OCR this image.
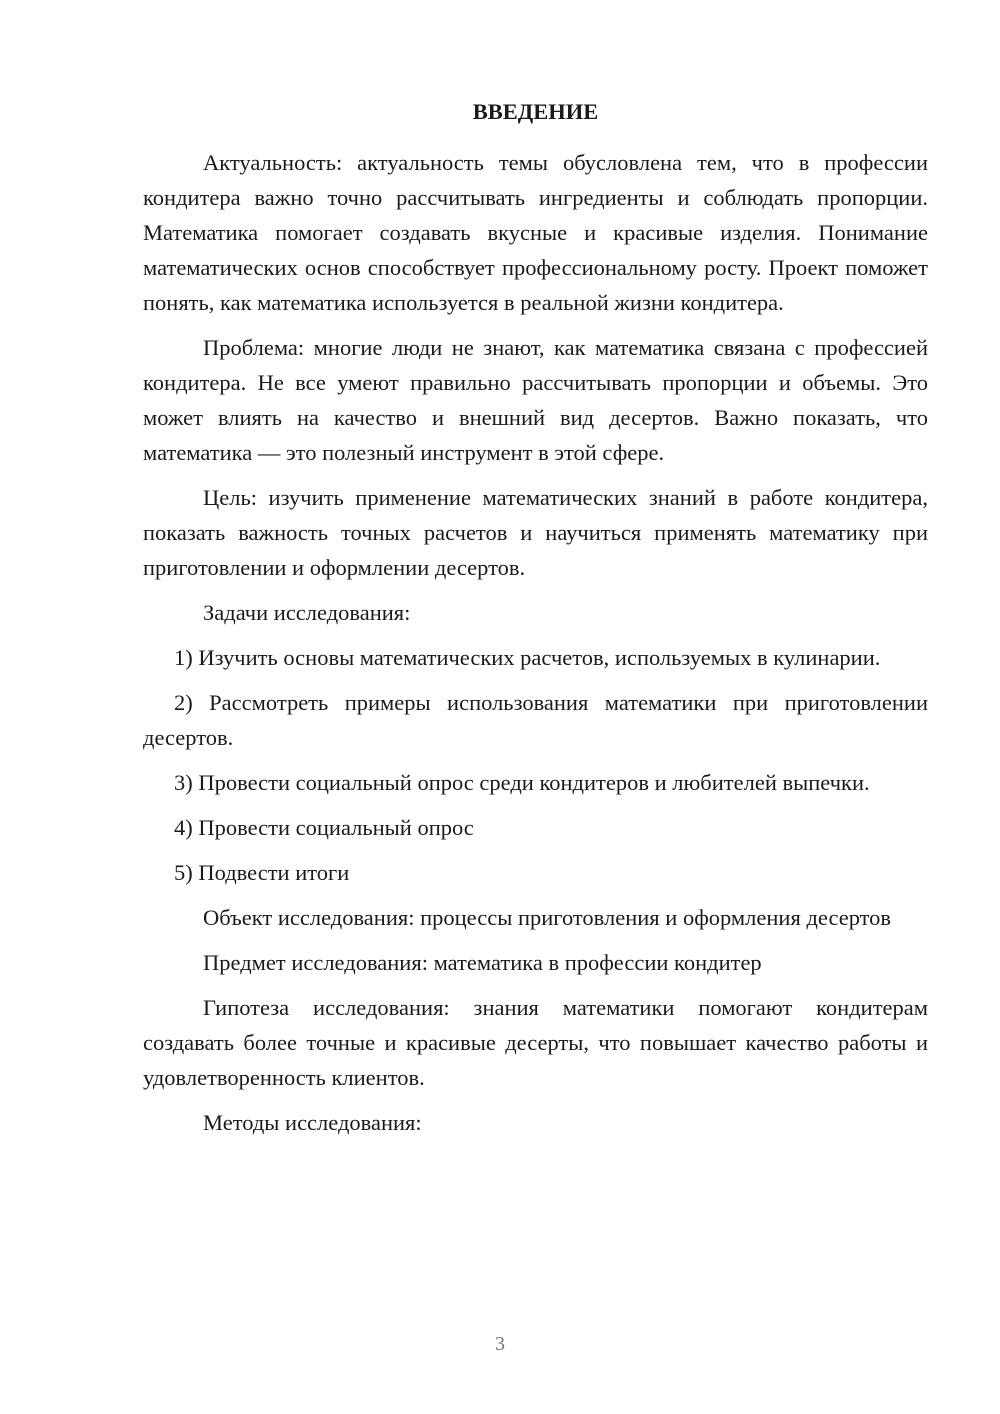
ВВЕДЕНИЕ

Актуальность: актуальность темы обусловлена тем, что в профессии кондитера важно точно рассчитывать ингредиенты и соблюдать пропорции. Математика помогает создавать вкусные и красивые изделия. Понимание математических основ способствует профессиональному росту. Проект поможет понять, как математика используется в реальной жизни кондитера.

Проблема: многие люди не знают, как математика связана с профессией кондитера. Не все умеют правильно рассчитывать пропорции и объемы. Это может влиять на качество и внешний вид десертов. Важно показать, что математика — это полезный инструмент в этой сфере.

Цель: изучить применение математических знаний в работе кондитера, показать важность точных расчетов и научиться применять математику при приготовлении и оформлении десертов.

Задачи исследования:

1) Изучить основы математических расчетов, используемых в кулинарии.

2) Рассмотреть примеры использования математики при приготовлении десертов.

3) Провести социальный опрос среди кондитеров и любителей выпечки.

4) Провести социальный опрос

5) Подвести итоги

Объект исследования: процессы приготовления и оформления десертов

Предмет исследования: математика в профессии кондитер

Гипотеза исследования: знания математики помогают кондитерам создавать более точные и красивые десерты, что повышает качество работы и удовлетворенность клиентов.

Методы исследования:

3
